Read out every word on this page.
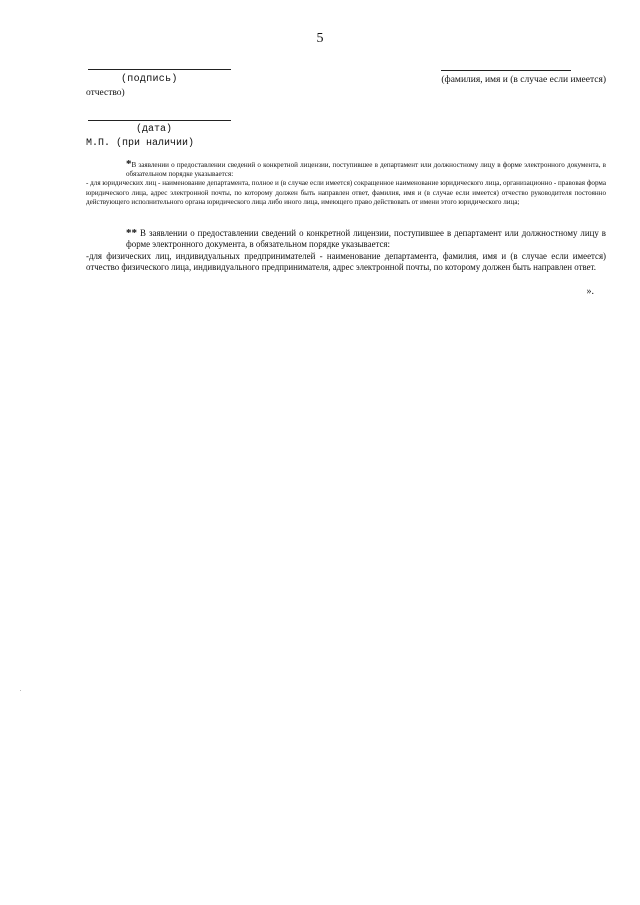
5
(подпись)	(фамилия, имя и (в случае если имеется)
отчество)
(дата)
М.П. (при наличии)

*В заявлении о предоставлении сведений о конкретной лицензии, поступившее в департамент или должностному лицу в форме электронного документа, в обязательном порядке указывается:

- для юридических лиц - наименование департамента, полное и (в случае если имеется) сокращенное наименование юридического лица, организационно - правовая форма юридического лица, адрес электронной почты, по которому должен быть направлен ответ, фамилия, имя и (в случае если имеется) отчество руководителя постоянно действующего исполнительного органа юридического лица либо иного лица, имеющего право действовать от имени этого юридического лица;

** В заявлении о предоставлении сведений о конкретной лицензии, поступившее в департамент или должностному лицу в форме электронного документа, в обязательном порядке указывается:

-для физических лиц, индивидуальных предпринимателей - наименование департамента, фамилия, имя и (в случае если имеется) отчество физического лица, индивидуального предпринимателя, адрес электронной почты, по которому должен быть направлен ответ.

».
